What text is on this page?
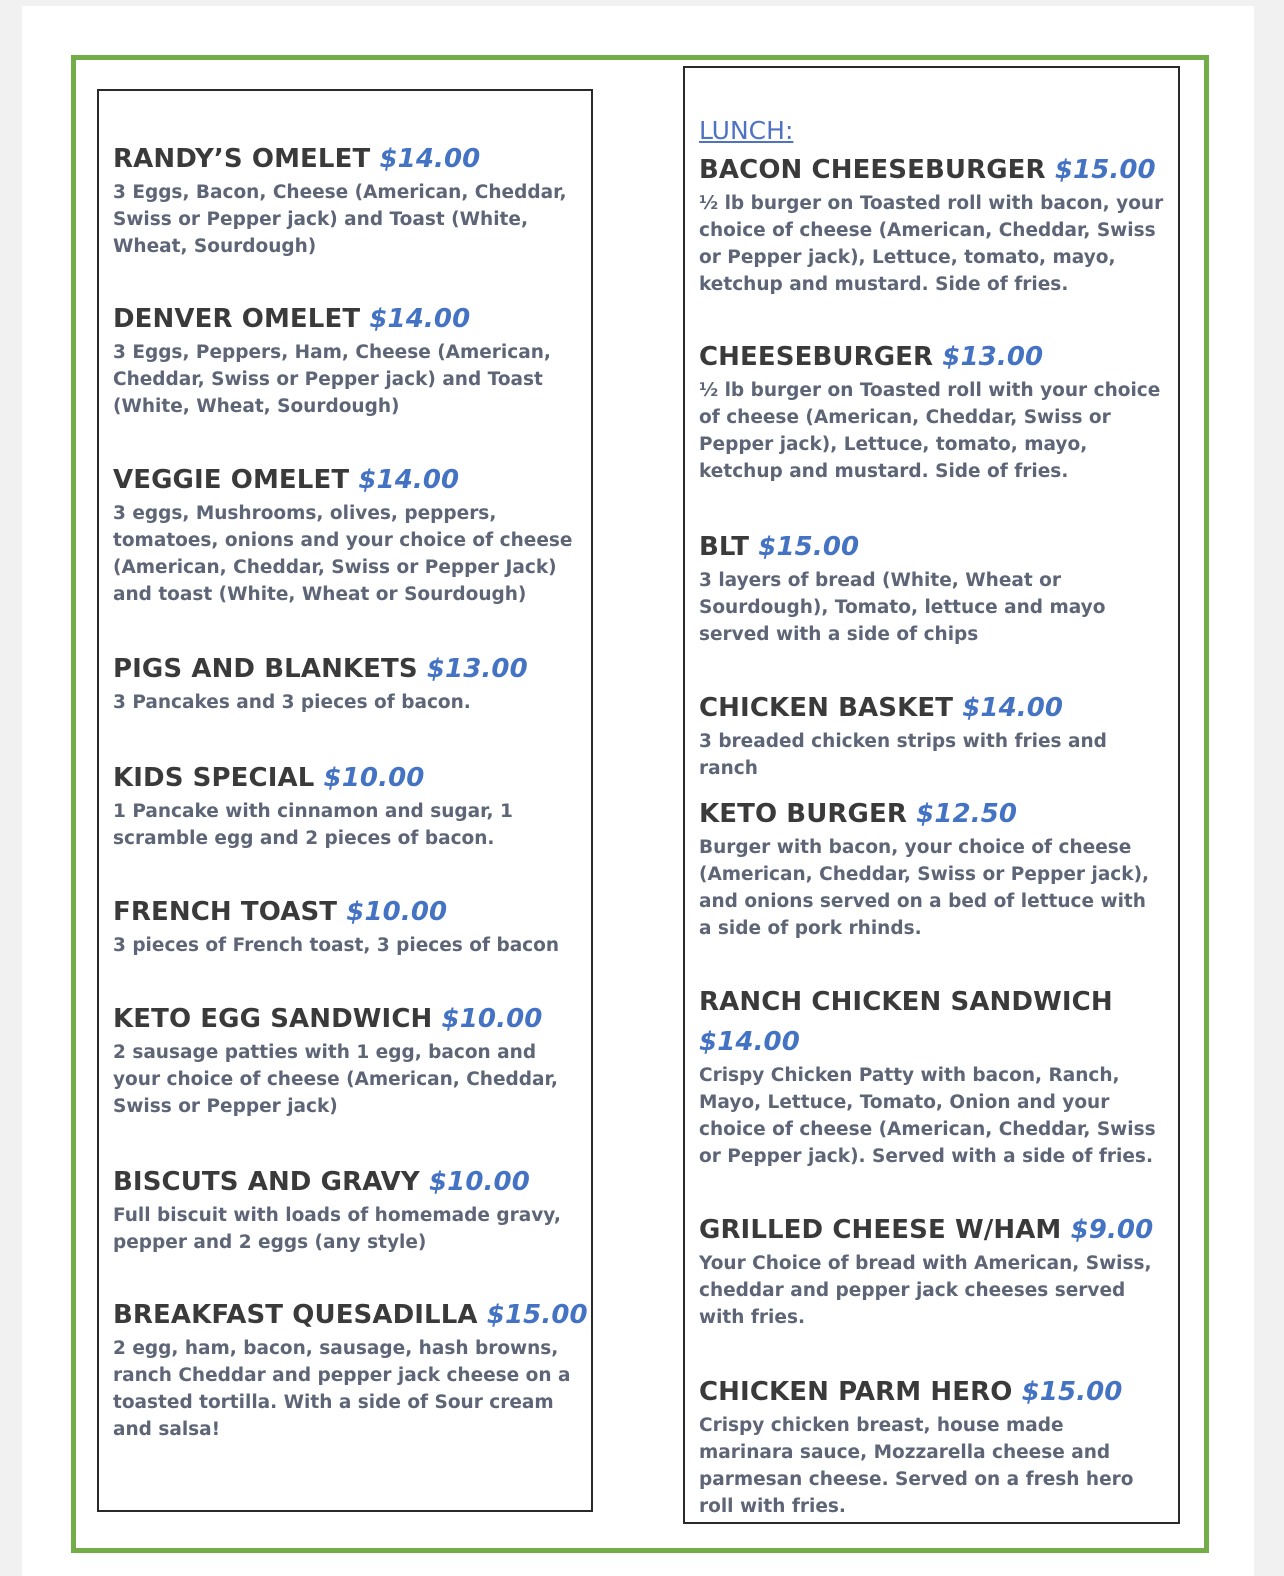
RANDY’S OMELET $14.00

3 Eggs, Bacon, Cheese (American, Cheddar, Swiss or Pepper jack) and Toast (White, Wheat, Sourdough)

DENVER OMELET $14.00

3 Eggs, Peppers, Ham, Cheese (American, Cheddar, Swiss or Pepper jack) and Toast (White, Wheat, Sourdough)

VEGGIE OMELET $14.00

3 eggs, Mushrooms, olives, peppers, tomatoes, onions and your choice of cheese (American, Cheddar, Swiss or Pepper Jack) and toast (White, Wheat or Sourdough)

PIGS AND BLANKETS $13.00

3 Pancakes and 3 pieces of bacon.

KIDS SPECIAL $10.00

1 Pancake with cinnamon and sugar, 1 scramble egg and 2 pieces of bacon.

FRENCH TOAST $10.00

3 pieces of French toast, 3 pieces of bacon

KETO EGG SANDWICH $10.00

2 sausage patties with 1 egg, bacon and your choice of cheese (American, Cheddar, Swiss or Pepper jack)

BISCUTS AND GRAVY $10.00

Full biscuit with loads of homemade gravy, pepper and 2 eggs (any style)

BREAKFAST QUESADILLA $15.00

2 egg, ham, bacon, sausage, hash browns, ranch Cheddar and pepper jack cheese on a toasted tortilla. With a side of Sour cream and salsa!

LUNCH:

BACON CHEESEBURGER $15.00

½ lb burger on Toasted roll with bacon, your choice of cheese (American, Cheddar, Swiss or Pepper jack), Lettuce, tomato, mayo, ketchup and mustard. Side of fries.

CHEESEBURGER $13.00

½ lb burger on Toasted roll with your choice of cheese (American, Cheddar, Swiss or Pepper jack), Lettuce, tomato, mayo, ketchup and mustard. Side of fries.

BLT $15.00

3 layers of bread (White, Wheat or Sourdough), Tomato, lettuce and mayo served with a side of chips

CHICKEN BASKET $14.00

3 breaded chicken strips with fries and ranch

KETO BURGER $12.50

Burger with bacon, your choice of cheese (American, Cheddar, Swiss or Pepper jack), and onions served on a bed of lettuce with a side of pork rhinds.

RANCH CHICKEN SANDWICH
$14.00

Crispy Chicken Patty with bacon, Ranch, Mayo, Lettuce, Tomato, Onion and your choice of cheese (American, Cheddar, Swiss or Pepper jack). Served with a side of fries.

GRILLED CHEESE W/HAM $9.00

Your Choice of bread with American, Swiss, cheddar and pepper jack cheeses served with fries.

CHICKEN PARM HERO $15.00

Crispy chicken breast, house made marinara sauce, Mozzarella cheese and parmesan cheese. Served on a fresh hero roll with fries.
